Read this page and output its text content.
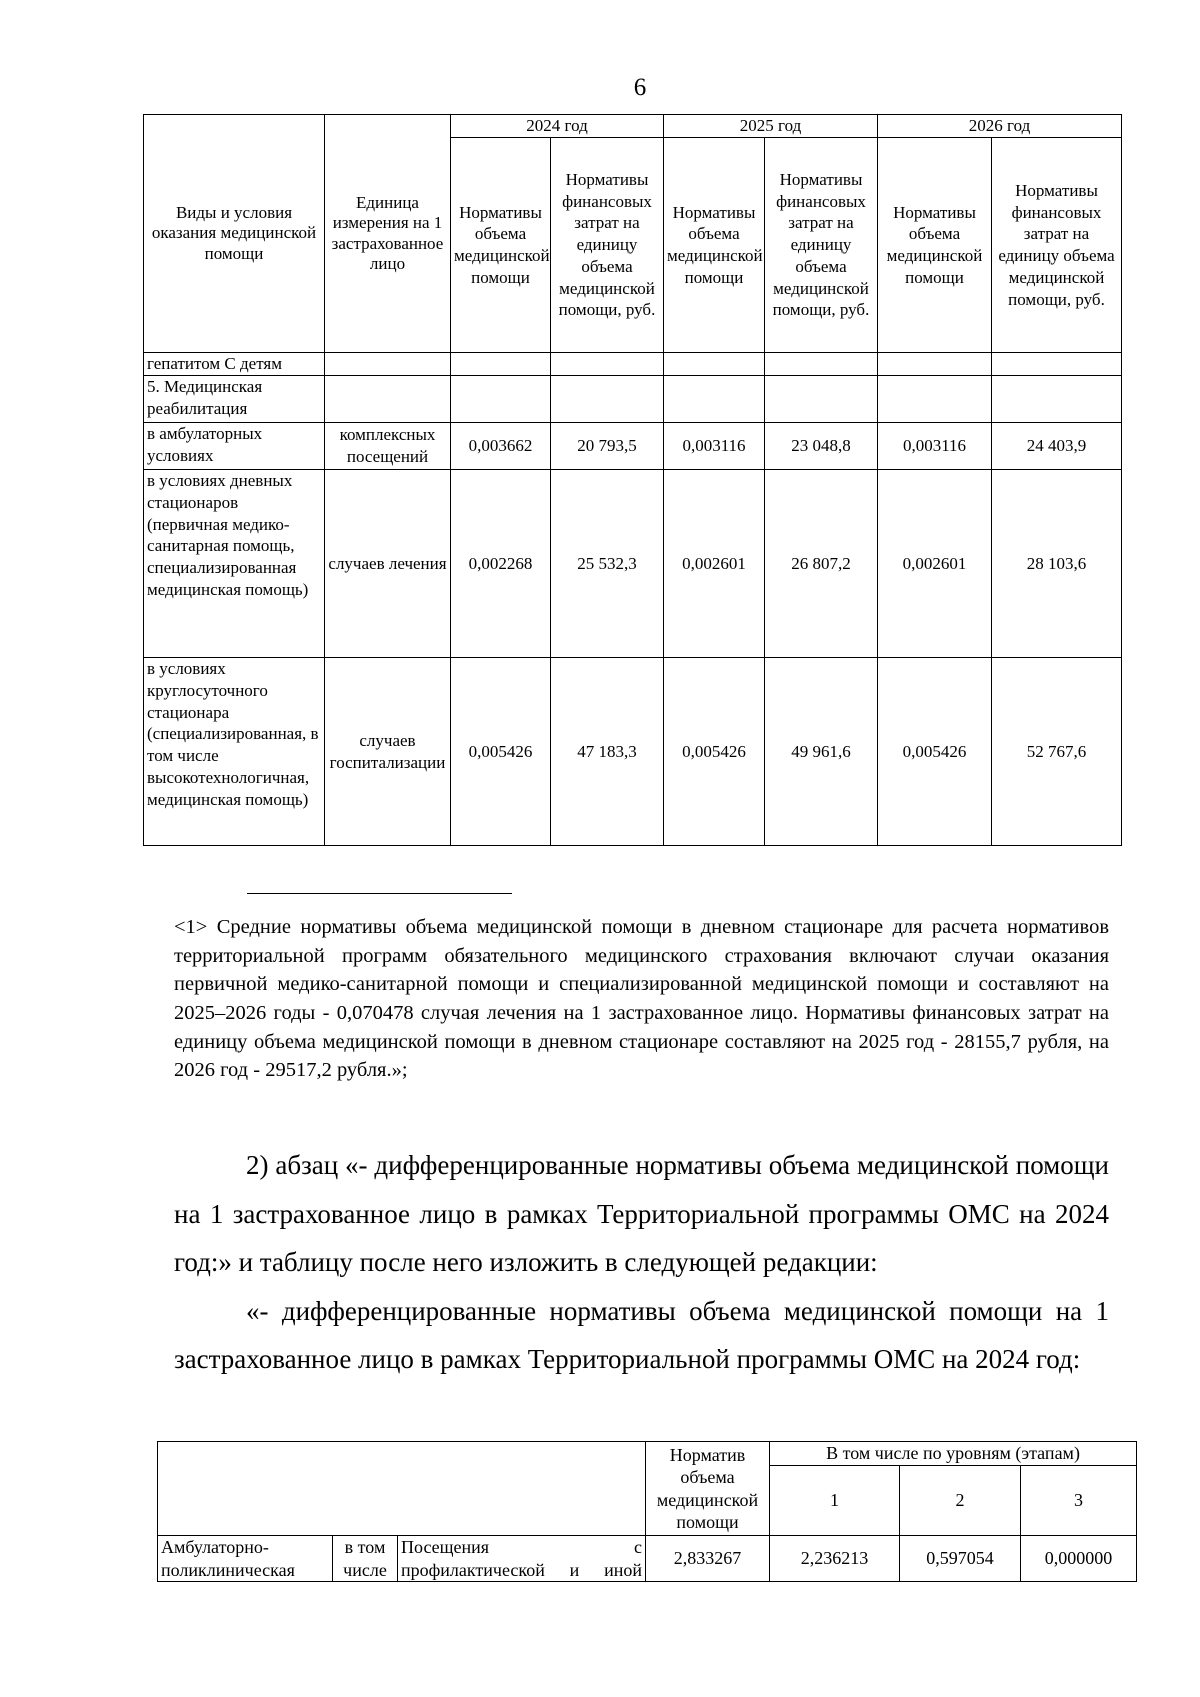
6
Виды и условия оказания медицинской помощи	Единица измерения на 1 застрахованное лицо	2024 год		2025 год		2026 год	
		Нормативы объема медицинской помощи	Нормативы финансовых затрат на единицу объема медицинской помощи, руб.	Нормативы объема медицинской помощи	Нормативы финансовых затрат на единицу объема медицинской помощи, руб.	Нормативы объема медицинской помощи	Нормативы финансовых затрат на единицу объема медицинской помощи, руб.
гепатитом С детям							
5. Медицинская реабилитация							
в амбулаторных условиях	комплексных посещений	0,003662	20 793,5	0,003116	23 048,8	0,003116	24 403,9
в условиях дневных стационаров (первичная медико-санитарная помощь, специализированная медицинская помощь)	случаев лечения	0,002268	25 532,3	0,002601	26 807,2	0,002601	28 103,6
в условиях круглосуточного стационара (специализированная, в том числе высокотехнологичная, медицинская помощь)	случаев госпитализации	0,005426	47 183,3	0,005426	49 961,6	0,005426	52 767,6

<1> Средние нормативы объема медицинской помощи в дневном стационаре для расчета нормативов территориальной программ обязательного медицинского страхования включают случаи оказания первичной медико-санитарной помощи и специализированной медицинской помощи и составляют на 2025–2026 годы - 0,070478 случая лечения на 1 застрахованное лицо. Нормативы финансовых затрат на единицу объема медицинской помощи в дневном стационаре составляют на 2025 год - 28155,7 рубля, на 2026 год - 29517,2 рубля.»;

2) абзац «- дифференцированные нормативы объема медицинской помощи на 1 застрахованное лицо в рамках Территориальной программы ОМС на 2024 год:» и таблицу после него изложить в следующей редакции:

«- дифференцированные нормативы объема медицинской помощи на 1 застрахованное лицо в рамках Территориальной программы ОМС на 2024 год:

			Норматив объема медицинской помощи	В том числе по уровням (этапам)		
				1	2	3
Амбулаторно-поликлиническая	в том числе	Посещения с профилактической и иной	2,833267	2,236213	0,597054	0,000000
